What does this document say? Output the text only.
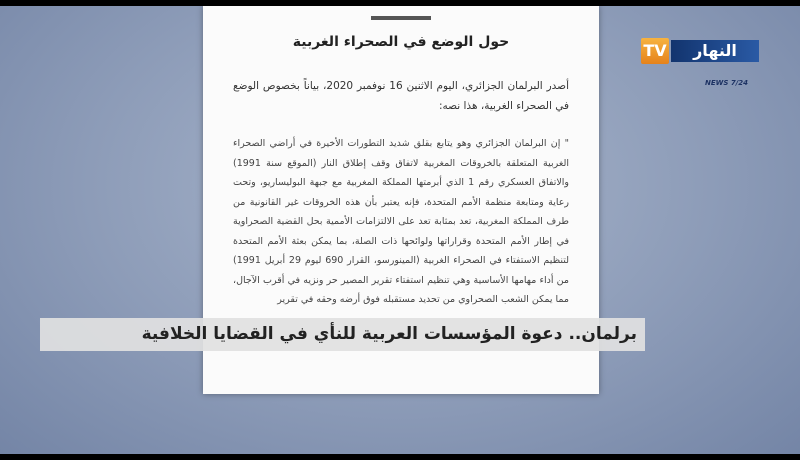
حول الوضع في الصحراء الغربية
أصدر البرلمان الجزائري، اليوم الاثنين 16 نوفمبر 2020، بياناً بخصوص الوضع في الصحراء الغربية، هذا نصه:
" إن البرلمان الجزائري وهو يتابع بقلق شديد التطورات الأخيرة في أراضي الصحراء الغربية المتعلقة بالخروقات المغربية لاتفاق وقف إطلاق النار (الموقع سنة 1991) والاتفاق العسكري رقم 1 الذي أبرمتها المملكة المغربية مع جبهة البوليساريو، وتحت رعاية ومتابعة منظمة الأمم المتحدة، فإنه يعتبر بأن هذه الخروقات غير القانونية من طرف المملكة المغربية، تعد بمثابة تعد على الالتزامات الأممية بحل القضية الصحراوية في إطار الأمم المتحدة وقراراتها ولوائحها ذات الصلة، بما يمكن بعثة الأمم المتحدة لتنظيم الاستفتاء في الصحراء الغربية (المينورسو، القرار 690 ليوم 29 أبريل 1991) من أداء مهامها الأساسية وهي تنظيم استفتاء تقرير المصير حر ونزيه في أقرب الآجال، مما يمكن الشعب الصحراوي من تحديد مستقبله فوق أرضه وحقه في تقرير
برلمان.. دعوة المؤسسات العربية للنأي في القضايا الخلافية
TV	النهار
NEWS 7/24
